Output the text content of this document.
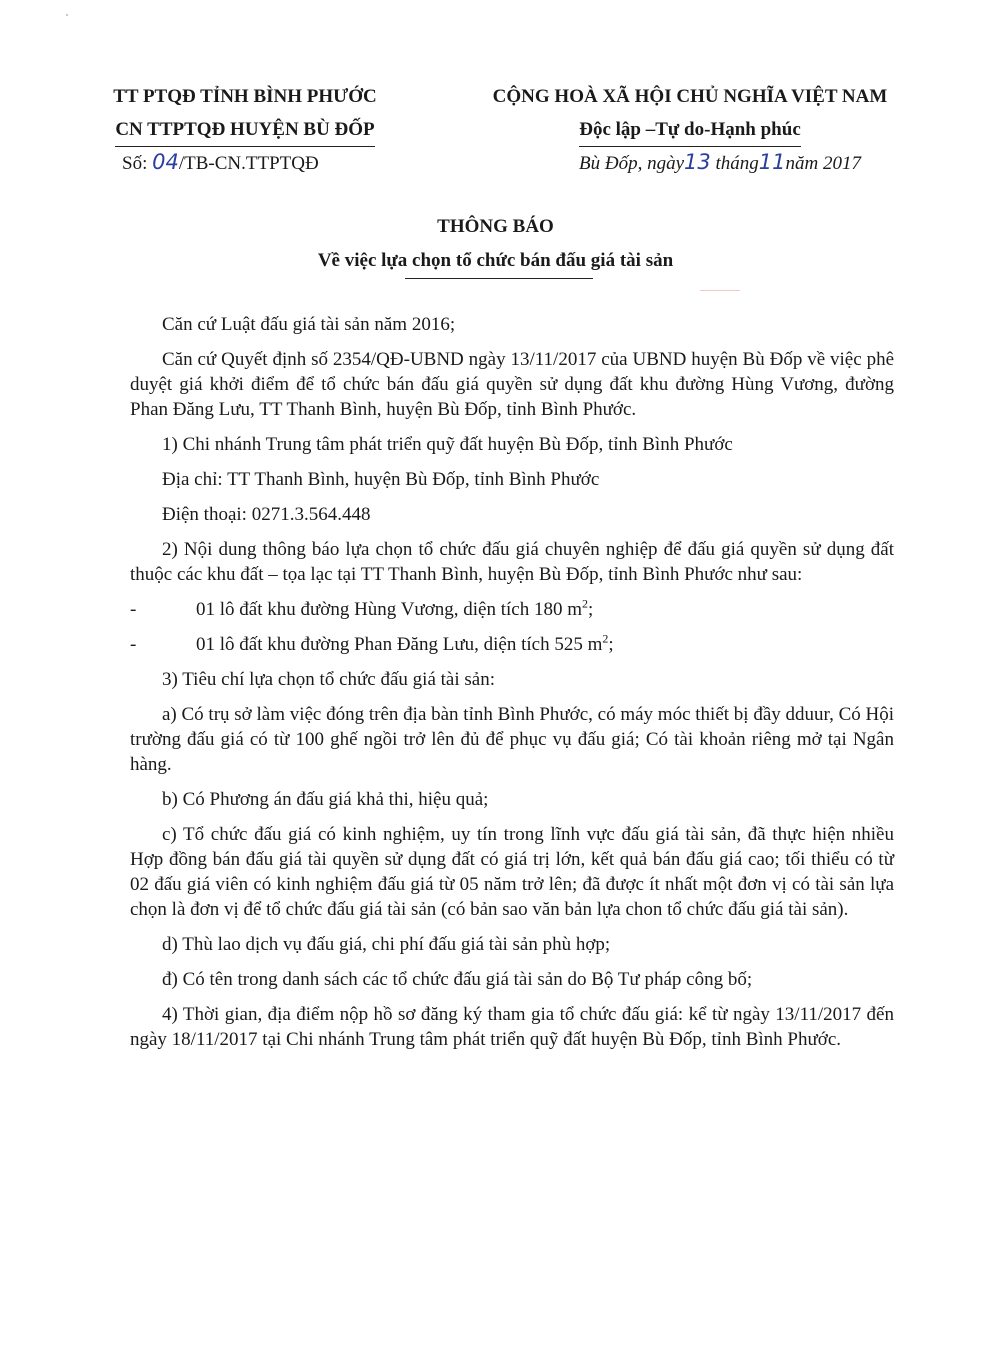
TT PTQĐ TỈNH BÌNH PHƯỚC
CN TTPTQĐ HUYỆN BÙ ĐỐP
Số: 04/TB-CN.TTPTQĐ
CỘNG HOÀ XÃ HỘI CHỦ NGHĨA VIỆT NAM
Độc lập –Tự do-Hạnh phúc
Bù Đốp, ngày13 tháng11năm 2017
THÔNG BÁO
Về việc lựa chọn tổ chức bán đấu giá tài sản

Căn cứ Luật đấu giá tài sản năm 2016;

Căn cứ Quyết định số 2354/QĐ-UBND ngày 13/11/2017 của UBND huyện Bù Đốp về việc phê duyệt giá khởi điểm để tổ chức bán đấu giá quyền sử dụng đất khu đường Hùng Vương, đường Phan Đăng Lưu, TT Thanh Bình, huyện Bù Đốp, tỉnh Bình Phước.

1) Chi nhánh Trung tâm phát triển quỹ đất huyện Bù Đốp, tỉnh Bình Phước

Địa chỉ: TT Thanh Bình, huyện Bù Đốp, tỉnh Bình Phước

Điện thoại: 0271.3.564.448

2) Nội dung thông báo lựa chọn tổ chức đấu giá chuyên nghiệp để đấu giá quyền sử dụng đất thuộc các khu đất – tọa lạc tại TT Thanh Bình, huyện Bù Đốp, tỉnh Bình Phước như sau:

-	01 lô đất khu đường Hùng Vương, diện tích 180 $m^2$;
-	01 lô đất khu đường Phan Đăng Lưu, diện tích 525 $m^2$;

3) Tiêu chí lựa chọn tổ chức đấu giá tài sản:

a) Có trụ sở làm việc đóng trên địa bàn tỉnh Bình Phước, có máy móc thiết bị đầy dduur, Có Hội trường đấu giá có từ 100 ghế ngồi trở lên đủ để phục vụ đấu giá; Có tài khoản riêng mở tại Ngân hàng.

b) Có Phương án đấu giá khả thi, hiệu quả;

c) Tổ chức đấu giá có kinh nghiệm, uy tín trong lĩnh vực đấu giá tài sản, đã thực hiện nhiều Hợp đồng bán đấu giá tài quyền sử dụng đất có giá trị lớn, kết quả bán đấu giá cao; tối thiểu có từ 02 đấu giá viên có kinh nghiệm đấu giá từ 05 năm trở lên; đã được ít nhất một đơn vị có tài sản lựa chọn là đơn vị để tổ chức đấu giá tài sản (có bản sao văn bản lựa chon tổ chức đấu giá tài sản).

d) Thù lao dịch vụ đấu giá, chi phí đấu giá tài sản phù hợp;

đ) Có tên trong danh sách các tổ chức đấu giá tài sản do Bộ Tư pháp công bố;

4) Thời gian, địa điểm nộp hồ sơ đăng ký tham gia tổ chức đấu giá: kể từ ngày 13/11/2017 đến ngày 18/11/2017 tại Chi nhánh Trung tâm phát triển quỹ đất huyện Bù Đốp, tỉnh Bình Phước.
